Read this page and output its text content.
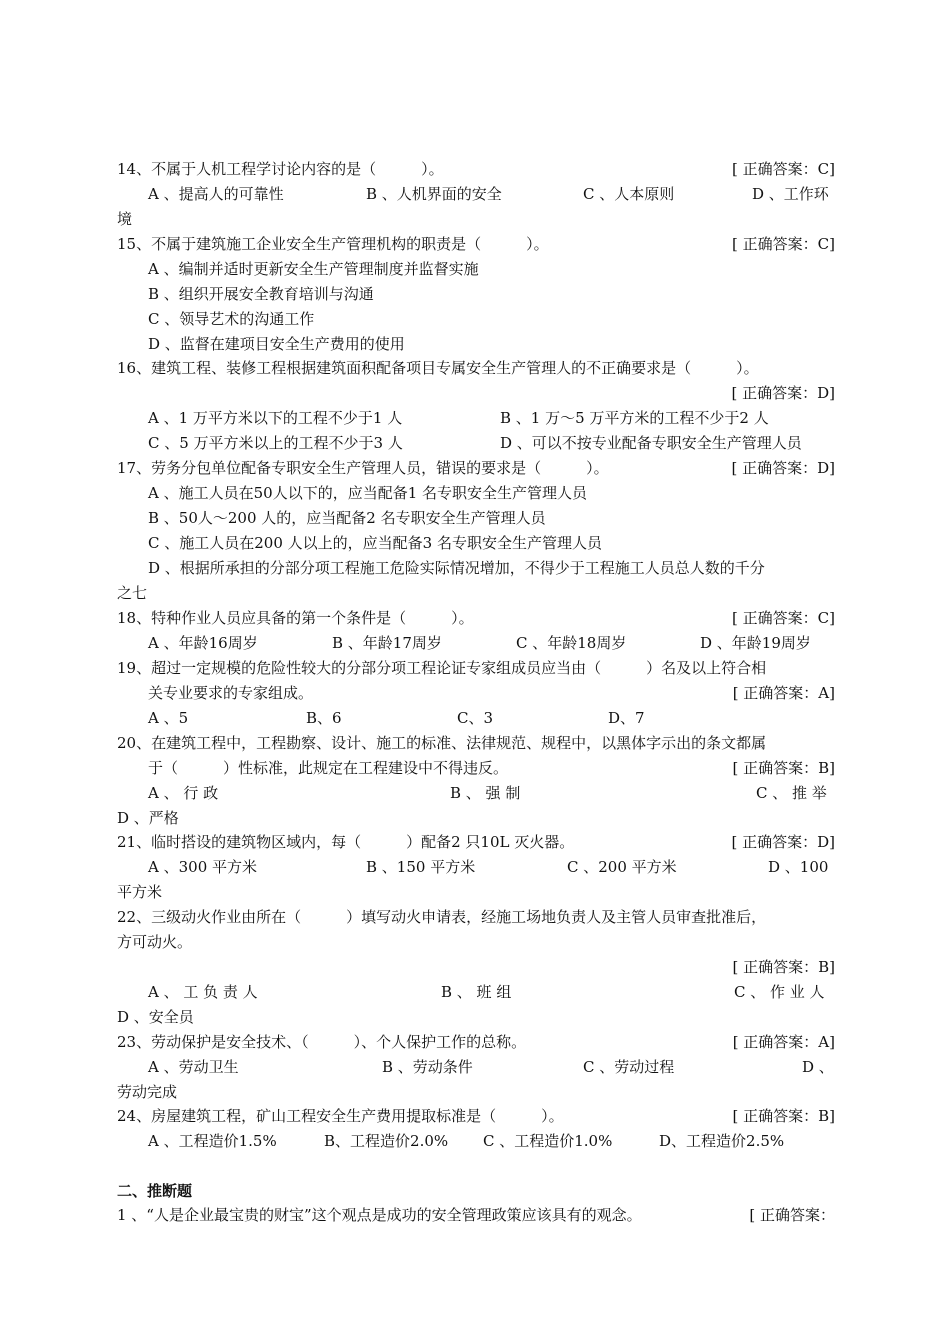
14、不属于人机工程学讨论内容的是（　　　）。	[ 正确答案：C]
A 、提高人的可靠性	B 、人机界面的安全	C 、人本原则	D 、工作环
境
15、不属于建筑施工企业安全生产管理机构的职责是（　　　）。	[ 正确答案：C]
A 、编制并适时更新安全生产管理制度并监督实施
B 、组织开展安全教育培训与沟通
C 、领导艺术的沟通工作
D 、监督在建项目安全生产费用的使用
16、建筑工程、装修工程根据建筑面积配备项目专属安全生产管理人的不正确要求是（　　　）。
[ 正确答案：D]
A 、1 万平方米以下的工程不少于1 人	B 、1 万～5 万平方米的工程不少于2 人
C 、5 万平方米以上的工程不少于3 人	D 、可以不按专业配备专职安全生产管理人员
17、劳务分包单位配备专职安全生产管理人员，错误的要求是（　　　）。	[ 正确答案：D]
A 、施工人员在50人以下的，应当配备1 名专职安全生产管理人员
B 、50人～200 人的，应当配备2 名专职安全生产管理人员
C 、施工人员在200 人以上的，应当配备3 名专职安全生产管理人员
D 、根据所承担的分部分项工程施工危险实际情况增加，不得少于工程施工人员总人数的千分
之七
18、特种作业人员应具备的第一个条件是（　　　）。	[ 正确答案：C]
A 、年龄16周岁	B 、年龄17周岁	C 、年龄18周岁	D 、年龄19周岁
19、超过一定规模的危险性较大的分部分项工程论证专家组成员应当由（　　　）名及以上符合相
关专业要求的专家组成。	[ 正确答案：A]
A 、5	B、6	C、3	D、7
20、在建筑工程中，工程勘察、设计、施工的标准、法律规范、规程中，以黑体字示出的条文都属
于（　　　）性标准，此规定在工程建设中不得违反。	[ 正确答案：B]
A 、 行 政	B 、 强 制	C 、 推 举
D 、严格
21、临时搭设的建筑物区域内，每（　　　）配备2 只10L 灭火器。	[ 正确答案：D]
A 、300 平方米	B 、150 平方米	C 、200 平方米	D 、100
平方米
22、三级动火作业由所在（　　　）填写动火申请表，经施工场地负责人及主管人员审查批准后，
方可动火。
[ 正确答案：B]
A 、 工 负 责 人	B 、 班 组	C 、 作 业 人
D 、安全员
23、劳动保护是安全技术、（　　　）、个人保护工作的总称。	[ 正确答案：A]
A 、劳动卫生	B 、劳动条件	C 、劳动过程	D 、
劳动完成
24、房屋建筑工程，矿山工程安全生产费用提取标准是（　　　）。	[ 正确答案：B]
A 、工程造价1.5%	B、工程造价2.0% C 、工程造价1.0%	D、工程造价2.5%
二、推断题
1 、“人是企业最宝贵的财宝”这个观点是成功的安全管理政策应该具有的观念。	[ 正确答案：
